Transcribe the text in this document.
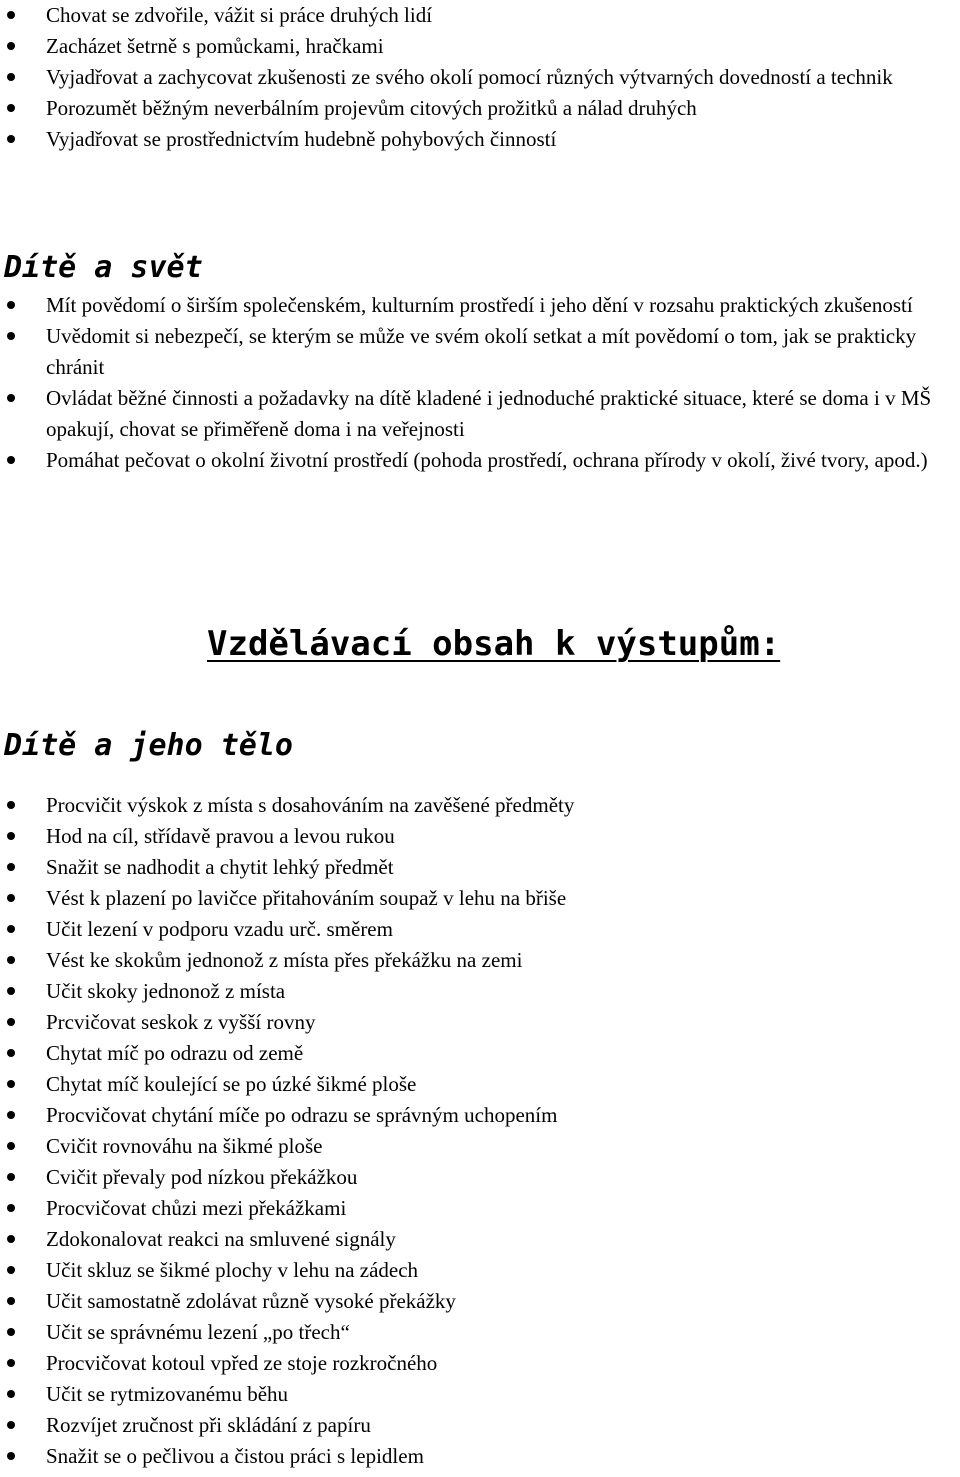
Chovat se zdvořile, vážit si práce druhých lidí
Zacházet šetrně s pomůckami, hračkami
Vyjadřovat a zachycovat zkušenosti ze svého okolí pomocí různých výtvarných dovedností a technik
Porozumět běžným neverbálním projevům citových prožitků a nálad druhých
Vyjadřovat se prostřednictvím hudebně pohybových činností
Dítě a svět
Mít povědomí o širším společenském, kulturním prostředí i jeho dění v rozsahu praktických zkušeností
Uvědomit si nebezpečí, se kterým se může ve svém okolí setkat a mít povědomí o tom, jak se prakticky chránit
Ovládat běžné činnosti a požadavky na dítě kladené i jednoduché praktické situace, které se doma i v MŠ opakují, chovat se přiměřeně doma i na veřejnosti
Pomáhat pečovat o okolní životní prostředí (pohoda prostředí, ochrana přírody v okolí, živé tvory, apod.)
Vzdělávací obsah k výstupům:
Dítě a jeho tělo
Procvičit výskok z místa s dosahováním na zavěšené předměty
Hod na cíl, střídavě pravou a levou rukou
Snažit se nadhodit a chytit lehký předmět
Vést k plazení po lavičce přitahováním soupaž v lehu na břiše
Učit lezení v podporu vzadu urč. směrem
Vést ke skokům jednonož z místa přes překážku na zemi
Učit skoky jednonož z místa
Prcvičovat seskok z vyšší rovny
Chytat míč po odrazu od země
Chytat míč koulející se po úzké šikmé ploše
Procvičovat chytání míče po odrazu se správným uchopením
Cvičit rovnováhu na šikmé ploše
Cvičit převaly pod nízkou překážkou
Procvičovat chůzi mezi překážkami
Zdokonalovat reakci na smluvené signály
Učit skluz se šikmé plochy v lehu na zádech
Učit samostatně zdolávat různě vysoké překážky
Učit se správnému lezení „po třech“
Procvičovat kotoul vpřed ze stoje rozkročného
Učit se rytmizovanému běhu
Rozvíjet zručnost při skládání z papíru
Snažit se o pečlivou a čistou práci s lepidlem
